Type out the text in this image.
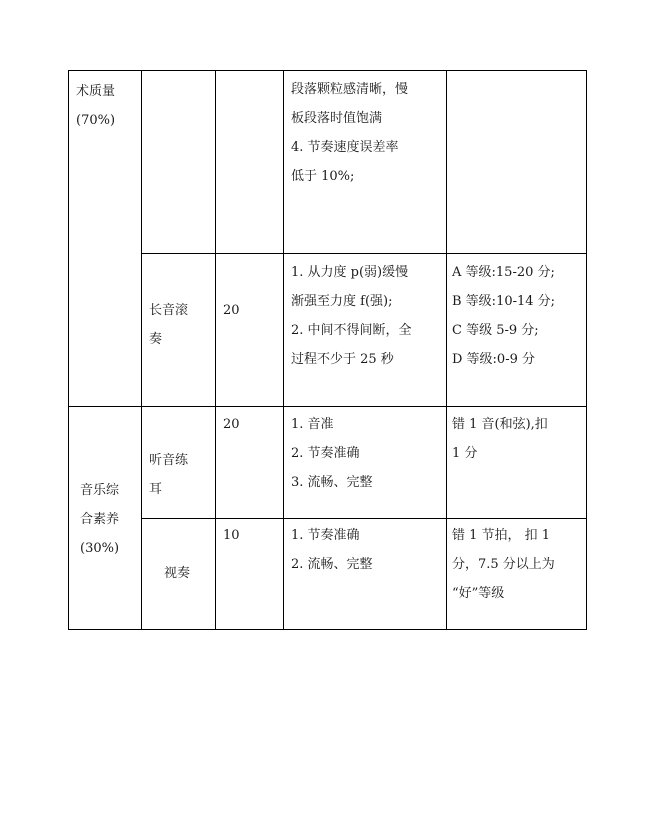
术质量
(70%)
段落颗粒感清晰，慢
板段落时值饱满
4. 节奏速度误差率
低于 10%;
长音滚
奏
20
1. 从力度 p(弱)缓慢
渐强至力度 f(强);
2. 中间不得间断，全
过程不少于 25 秒
A 等级:15-20 分;
B 等级:10-14 分;
C 等级 5-9 分;
D 等级:0-9 分
音乐综
合素养
(30%)
听音练
耳
20	1. 音准
2. 节奏准确
3. 流畅、完整
错 1 音(和弦),扣
1 分
视奏
10	1. 节奏准确
2. 流畅、完整
错 1 节拍， 扣 1
分，7.5 分以上为
“好”等级
